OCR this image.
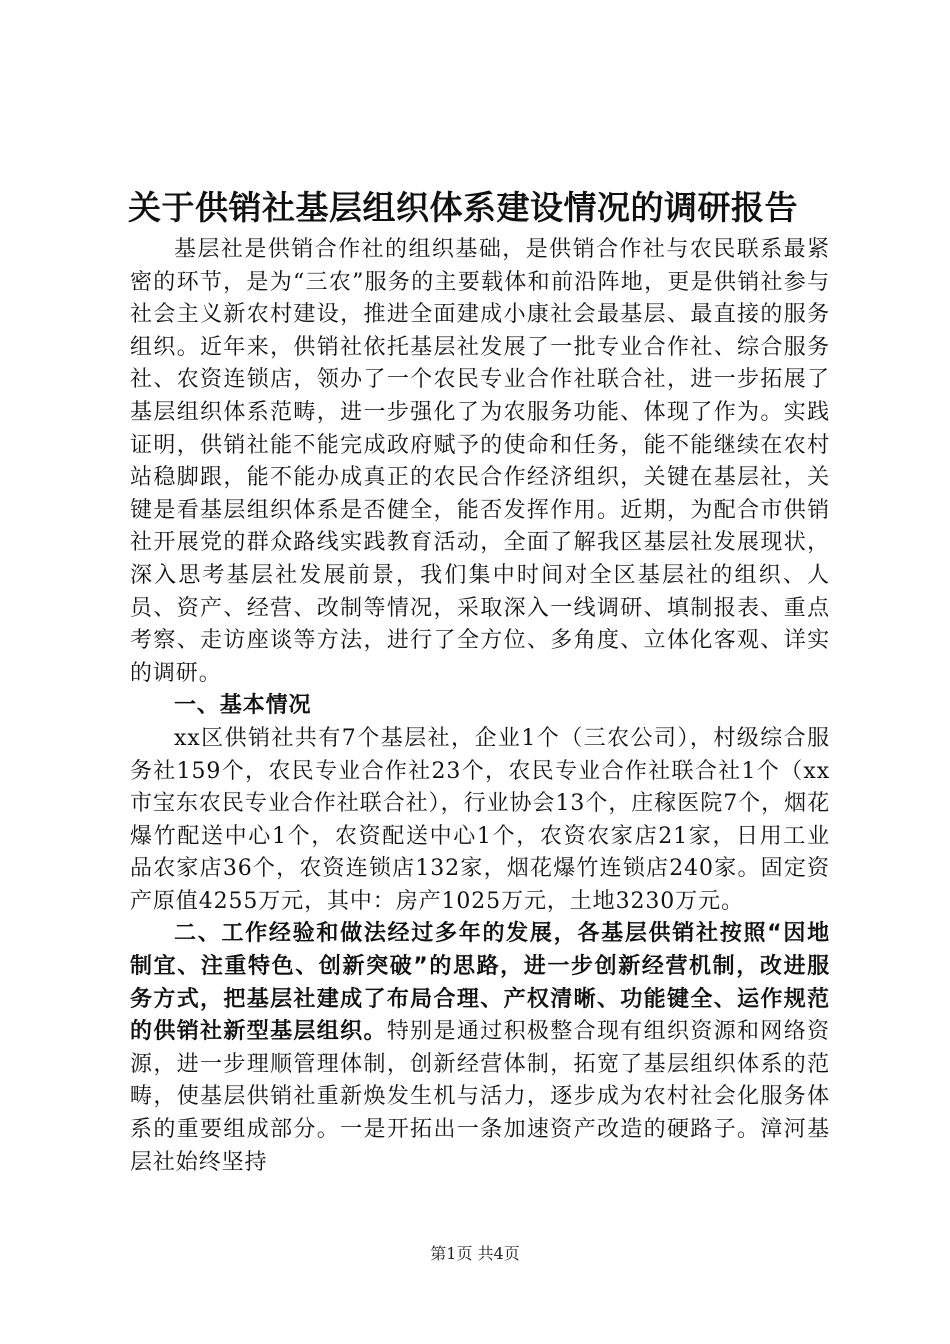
关于供销社基层组织体系建设情况的调研报告

基层社是供销合作社的组织基础，是供销合作社与农民联系最紧密的环节，是为“三农”服务的主要载体和前沿阵地，更是供销社参与社会主义新农村建设，推进全面建成小康社会最基层、最直接的服务组织。近年来，供销社依托基层社发展了一批专业合作社、综合服务社、农资连锁店，领办了一个农民专业合作社联合社，进一步拓展了基层组织体系范畴，进一步强化了为农服务功能、体现了作为。实践证明，供销社能不能完成政府赋予的使命和任务，能不能继续在农村站稳脚跟，能不能办成真正的农民合作经济组织，关键在基层社，关键是看基层组织体系是否健全，能否发挥作用。近期，为配合市供销社开展党的群众路线实践教育活动，全面了解我区基层社发展现状，深入思考基层社发展前景，我们集中时间对全区基层社的组织、人员、资产、经营、改制等情况，采取深入一线调研、填制报表、重点考察、走访座谈等方法，进行了全方位、多角度、立体化客观、详实的调研。

一、基本情况

xx区供销社共有7个基层社，企业1个（三农公司），村级综合服务社159个，农民专业合作社23个，农民专业合作社联合社1个（xx市宝东农民专业合作社联合社），行业协会13个，庄稼医院7个，烟花爆竹配送中心1个，农资配送中心1个，农资农家店21家，日用工业品农家店36个，农资连锁店132家，烟花爆竹连锁店240家。固定资产原值4255万元，其中：房产1025万元，土地3230万元。

二、工作经验和做法经过多年的发展，各基层供销社按照“因地制宜、注重特色、创新突破”的思路，进一步创新经营机制，改进服务方式，把基层社建成了布局合理、产权清晰、功能键全、运作规范的供销社新型基层组织。特别是通过积极整合现有组织资源和网络资源，进一步理顺管理体制，创新经营体制，拓宽了基层组织体系的范畴，使基层供销社重新焕发生机与活力，逐步成为农村社会化服务体系的重要组成部分。一是开拓出一条加速资产改造的硬路子。漳河基层社始终坚持

第1页 共4页
